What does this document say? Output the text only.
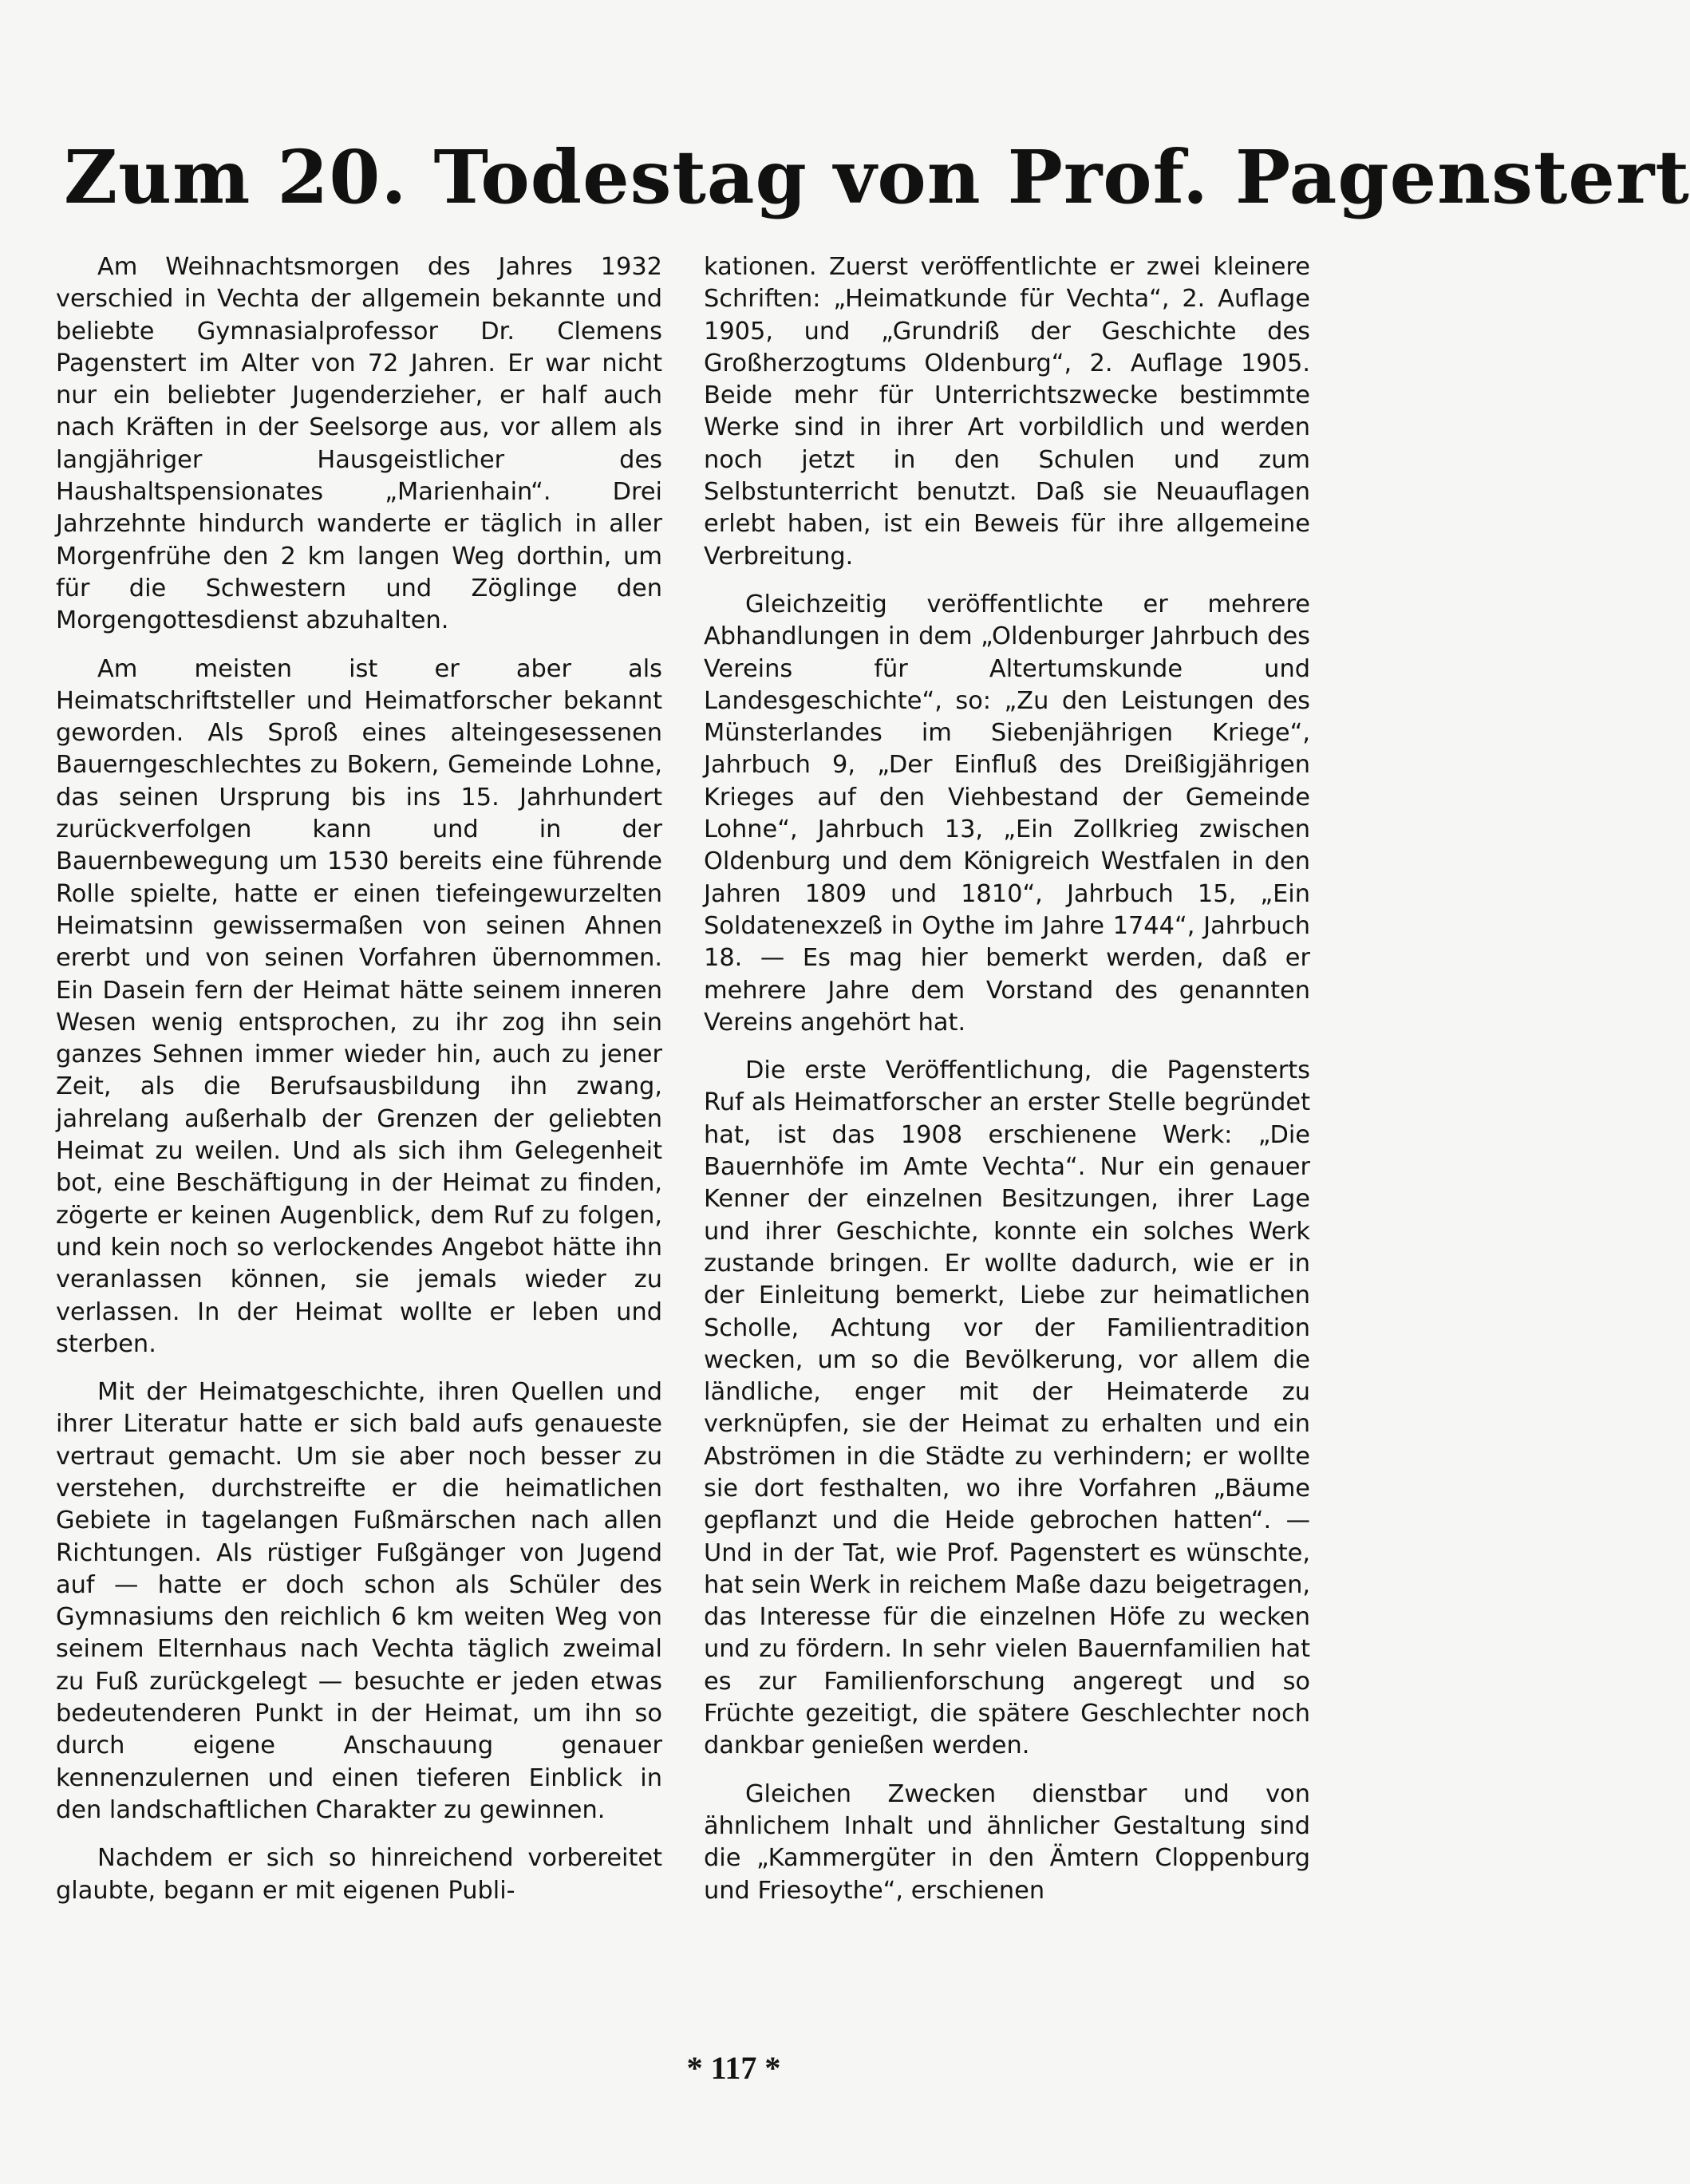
Zum 20. Todestag von Prof. Pagenstert

Am Weihnachtsmorgen des Jahres 1932 verschied in Vechta der allgemein bekannte und beliebte Gymnasialprofessor Dr. Clemens Pagenstert im Alter von 72 Jahren. Er war nicht nur ein beliebter Jugenderzieher, er half auch nach Kräften in der Seelsorge aus, vor allem als langjähriger Hausgeistlicher des Haushaltspensionates „Marienhain“. Drei Jahrzehnte hindurch wanderte er täglich in aller Morgenfrühe den 2 km langen Weg dorthin, um für die Schwestern und Zöglinge den Morgengottesdienst abzuhalten.

Am meisten ist er aber als Heimatschriftsteller und Heimatforscher bekannt geworden. Als Sproß eines alteingesessenen Bauerngeschlechtes zu Bokern, Gemeinde Lohne, das seinen Ursprung bis ins 15. Jahrhundert zurückverfolgen kann und in der Bauernbewegung um 1530 bereits eine führende Rolle spielte, hatte er einen tiefeingewurzelten Heimatsinn gewissermaßen von seinen Ahnen ererbt und von seinen Vorfahren übernommen. Ein Dasein fern der Heimat hätte seinem inneren Wesen wenig entsprochen, zu ihr zog ihn sein ganzes Sehnen immer wieder hin, auch zu jener Zeit, als die Berufsausbildung ihn zwang, jahrelang außerhalb der Grenzen der geliebten Heimat zu weilen. Und als sich ihm Gelegenheit bot, eine Beschäftigung in der Heimat zu finden, zögerte er keinen Augenblick, dem Ruf zu folgen, und kein noch so verlockendes Angebot hätte ihn veranlassen können, sie jemals wieder zu verlassen. In der Heimat wollte er leben und sterben.

Mit der Heimatgeschichte, ihren Quellen und ihrer Literatur hatte er sich bald aufs genaueste vertraut gemacht. Um sie aber noch besser zu verstehen, durchstreifte er die heimatlichen Gebiete in tagelangen Fußmärschen nach allen Richtungen. Als rüstiger Fußgänger von Jugend auf — hatte er doch schon als Schüler des Gymnasiums den reichlich 6 km weiten Weg von seinem Elternhaus nach Vechta täglich zweimal zu Fuß zurückgelegt — besuchte er jeden etwas bedeutenderen Punkt in der Heimat, um ihn so durch eigene Anschauung genauer kennenzulernen und einen tieferen Einblick in den landschaftlichen Charakter zu gewinnen.

Nachdem er sich so hinreichend vorbereitet glaubte, begann er mit eigenen Publi-

kationen. Zuerst veröffentlichte er zwei kleinere Schriften: „Heimatkunde für Vechta“, 2. Auflage 1905, und „Grundriß der Geschichte des Großherzogtums Oldenburg“, 2. Auflage 1905. Beide mehr für Unterrichtszwecke bestimmte Werke sind in ihrer Art vorbildlich und werden noch jetzt in den Schulen und zum Selbstunterricht benutzt. Daß sie Neuauflagen erlebt haben, ist ein Beweis für ihre allgemeine Verbreitung.

Gleichzeitig veröffentlichte er mehrere Abhandlungen in dem „Oldenburger Jahrbuch des Vereins für Altertumskunde und Landesgeschichte“, so: „Zu den Leistungen des Münsterlandes im Siebenjährigen Kriege“, Jahrbuch 9, „Der Einfluß des Dreißigjährigen Krieges auf den Viehbestand der Gemeinde Lohne“, Jahrbuch 13, „Ein Zollkrieg zwischen Oldenburg und dem Königreich Westfalen in den Jahren 1809 und 1810“, Jahrbuch 15, „Ein Soldatenexzeß in Oythe im Jahre 1744“, Jahrbuch 18. — Es mag hier bemerkt werden, daß er mehrere Jahre dem Vorstand des genannten Vereins angehört hat.

Die erste Veröffentlichung, die Pagensterts Ruf als Heimatforscher an erster Stelle begründet hat, ist das 1908 erschienene Werk: „Die Bauernhöfe im Amte Vechta“. Nur ein genauer Kenner der einzelnen Besitzungen, ihrer Lage und ihrer Geschichte, konnte ein solches Werk zustande bringen. Er wollte dadurch, wie er in der Einleitung bemerkt, Liebe zur heimatlichen Scholle, Achtung vor der Familientradition wecken, um so die Bevölkerung, vor allem die ländliche, enger mit der Heimaterde zu verknüpfen, sie der Heimat zu erhalten und ein Abströmen in die Städte zu verhindern; er wollte sie dort festhalten, wo ihre Vorfahren „Bäume gepflanzt und die Heide gebrochen hatten“. — Und in der Tat, wie Prof. Pagenstert es wünschte, hat sein Werk in reichem Maße dazu beigetragen, das Interesse für die einzelnen Höfe zu wecken und zu fördern. In sehr vielen Bauernfamilien hat es zur Familienforschung angeregt und so Früchte gezeitigt, die spätere Geschlechter noch dankbar genießen werden.

Gleichen Zwecken dienstbar und von ähnlichem Inhalt und ähnlicher Gestaltung sind die „Kammergüter in den Ämtern Cloppenburg und Friesoythe“, erschienen

* 117 *
